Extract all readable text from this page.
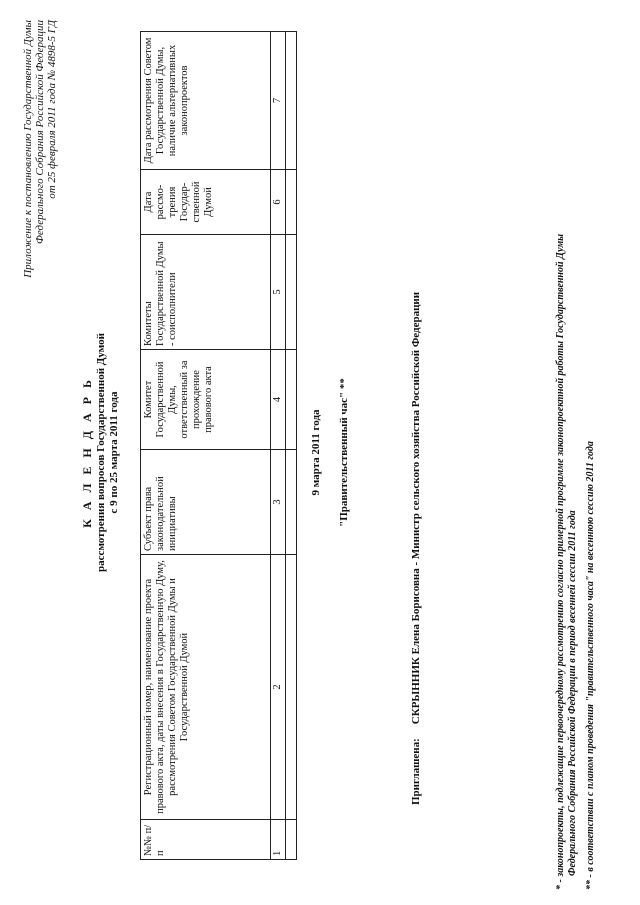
Приложение к постановлению Государственной Думы Федерального Собрания Российской Федерации от 25 февраля 2011 года № 4898-5 ГД
К А Л Е Н Д А Р Ь рассмотрения вопросов Государственной Думой с 9 по 25 марта 2011 года
№№ п/п	Регистрационный номер, наименование проекта правового акта, даты внесения в Государственную Думу, рассмотрения Советом Государственной Думы и Государственной Думой	Субъект права законодательной инициативы	Комитет Государственной Думы, ответственный за прохождение правового акта	Комитеты Государственной Думы - соисполнители	Дата рассмо- трения Государ- ственной Думой	Дата рассмотрения Советом Государственной Думы, наличие альтернативных законопроектов
1	2	3	4	5	6	7

9 марта 2011 года "Правительственный час" **
Приглашена:СКРЫННИК Елена Борисовна - Министр сельского хозяйства Российской Федерации	* - законопроекты, подлежащие первоочередному рассмотрению согласно примерной программе законопроектной работы Государственной Думы Федерального Собрания Российской Федерации в период весенней сессии 2011 года ** - в соответствии с планом проведения "правительственного часа" на весеннюю сессию 2011 года
